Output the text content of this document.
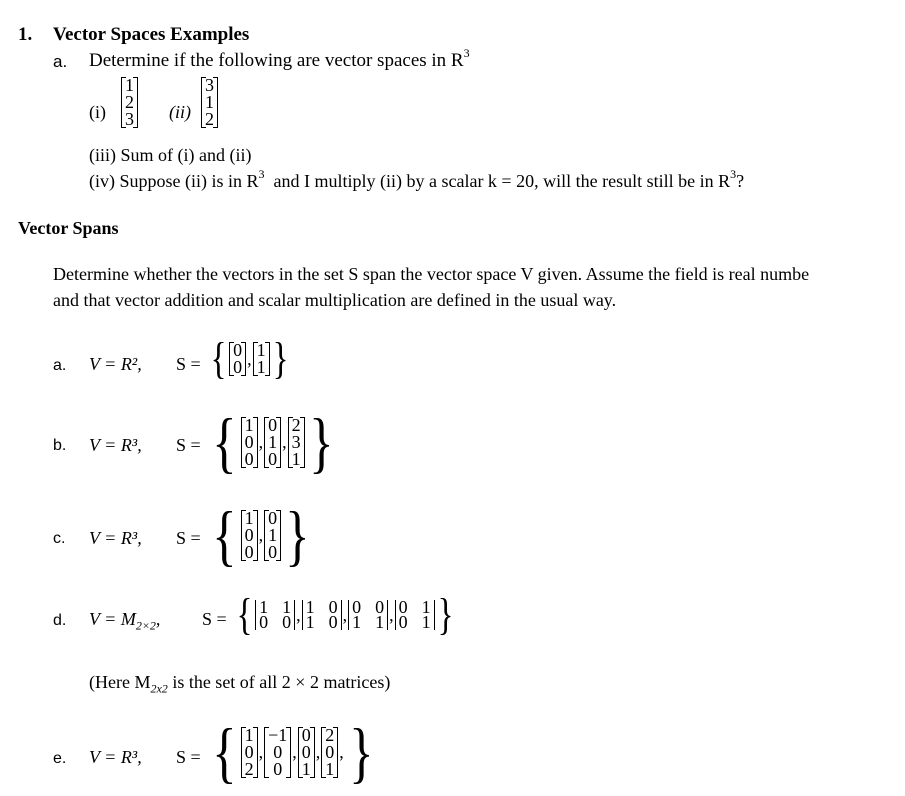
1. Vector Spaces Examples
a. Determine if the following are vector spaces in $R^3$
(i)
1
2
3 (ii)
3
1
2
(iii) Sum of (i) and (ii)
(iv) Suppose (ii) is in $R^3$ and I multiply (ii) by a scalar k = 20, will the result still be in $R^3$?
Vector Spans
Determine whether the vectors in the set S span the vector space V given. Assume the field is real numbe
and that vector addition and scalar multiplication are defined in the usual way.
a. V = R², S = { 0
0 , 1
1 }
b. V = R³, S = { 1
0
0
,
0
1
0
,
2
3
1 }
c. V = R³, S = { 1
0
0
,
0
1
0 }
d. $V = M_{2\times 2}$, S = { 1 1
0 0 , 1 0
1 0 , 0 0
1 1 , 0 1
0 1 }
(Here $M_{2x2}$ is the set of all 2 × 2 matrices)
e. V = R³, S = { 1
0
2
,
−1
0
0
,
0
0
1
,
2
0
1
, }
